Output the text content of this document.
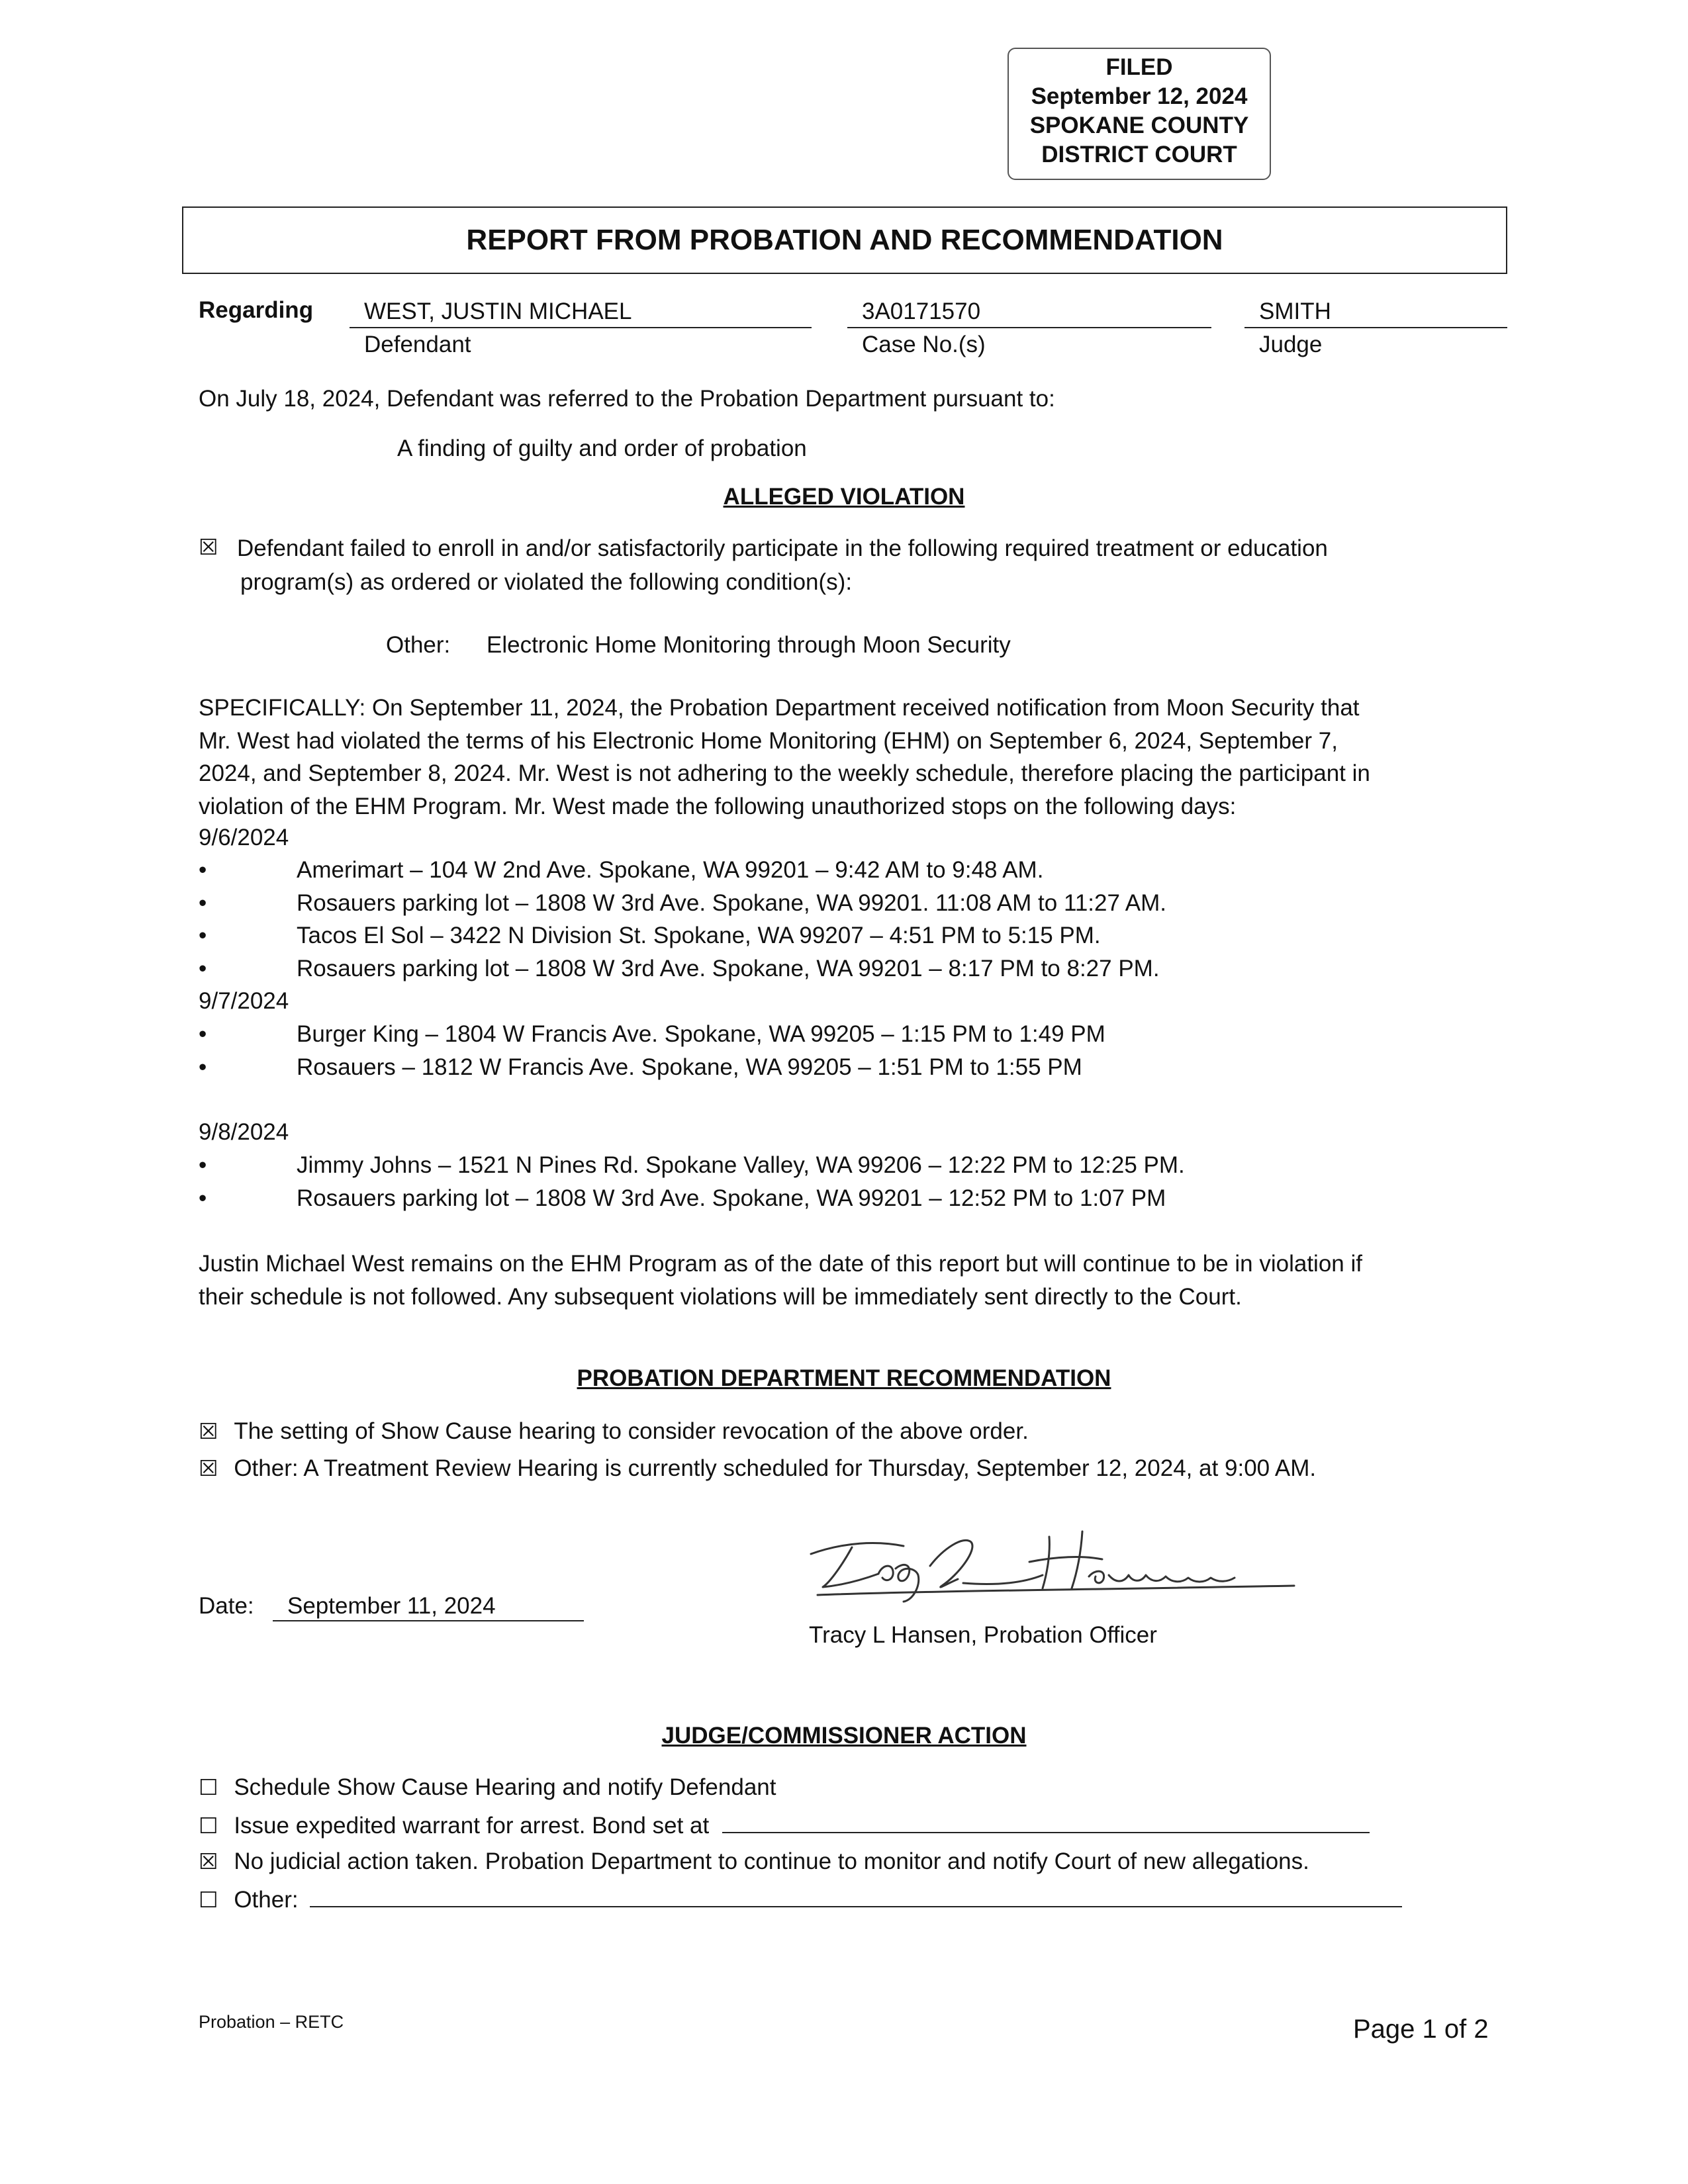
FILED
September 12, 2024
SPOKANE COUNTY
DISTRICT COURT
REPORT FROM PROBATION AND RECOMMENDATION
Regarding	WEST, JUSTIN MICHAEL
Defendant
3A0171570
Case No.(s)
SMITH
Judge
On July 18, 2024, Defendant was referred to the Probation Department pursuant to:
A finding of guilty and order of probation
ALLEGED VIOLATION
☒ Defendant failed to enroll in and/or satisfactorily participate in the following required treatment or education
program(s) as ordered or violated the following condition(s):
Other: Electronic Home Monitoring through Moon Security
SPECIFICALLY: On September 11, 2024, the Probation Department received notification from Moon Security that
Mr. West had violated the terms of his Electronic Home Monitoring (EHM) on September 6, 2024, September 7,
2024, and September 8, 2024. Mr. West is not adhering to the weekly schedule, therefore placing the participant in
violation of the EHM Program. Mr. West made the following unauthorized stops on the following days:
9/6/2024
•	Amerimart – 104 W 2nd Ave. Spokane, WA 99201 – 9:42 AM to 9:48 AM.
•	Rosauers parking lot – 1808 W 3rd Ave. Spokane, WA 99201. 11:08 AM to 11:27 AM.
•	Tacos El Sol – 3422 N Division St. Spokane, WA 99207 – 4:51 PM to 5:15 PM.
•	Rosauers parking lot – 1808 W 3rd Ave. Spokane, WA 99201 – 8:17 PM to 8:27 PM.
9/7/2024
•	Burger King – 1804 W Francis Ave. Spokane, WA 99205 – 1:15 PM to 1:49 PM
•	Rosauers – 1812 W Francis Ave. Spokane, WA 99205 – 1:51 PM to 1:55 PM
9/8/2024
•	Jimmy Johns – 1521 N Pines Rd. Spokane Valley, WA 99206 – 12:22 PM to 12:25 PM.
•	Rosauers parking lot – 1808 W 3rd Ave. Spokane, WA 99201 – 12:52 PM to 1:07 PM
Justin Michael West remains on the EHM Program as of the date of this report but will continue to be in violation if
their schedule is not followed. Any subsequent violations will be immediately sent directly to the Court.
PROBATION DEPARTMENT RECOMMENDATION
☒ The setting of Show Cause hearing to consider revocation of the above order.
☒ Other: A Treatment Review Hearing is currently scheduled for Thursday, September 12, 2024, at 9:00 AM.
Date:	September 11, 2024
Tracy L Hansen, Probation Officer
JUDGE/COMMISSIONER ACTION
☐ Schedule Show Cause Hearing and notify Defendant
☐ Issue expedited warrant for arrest. Bond set at
☒ No judicial action taken. Probation Department to continue to monitor and notify Court of new allegations.
☐ Other:
Probation – RETC	Page 1 of 2
